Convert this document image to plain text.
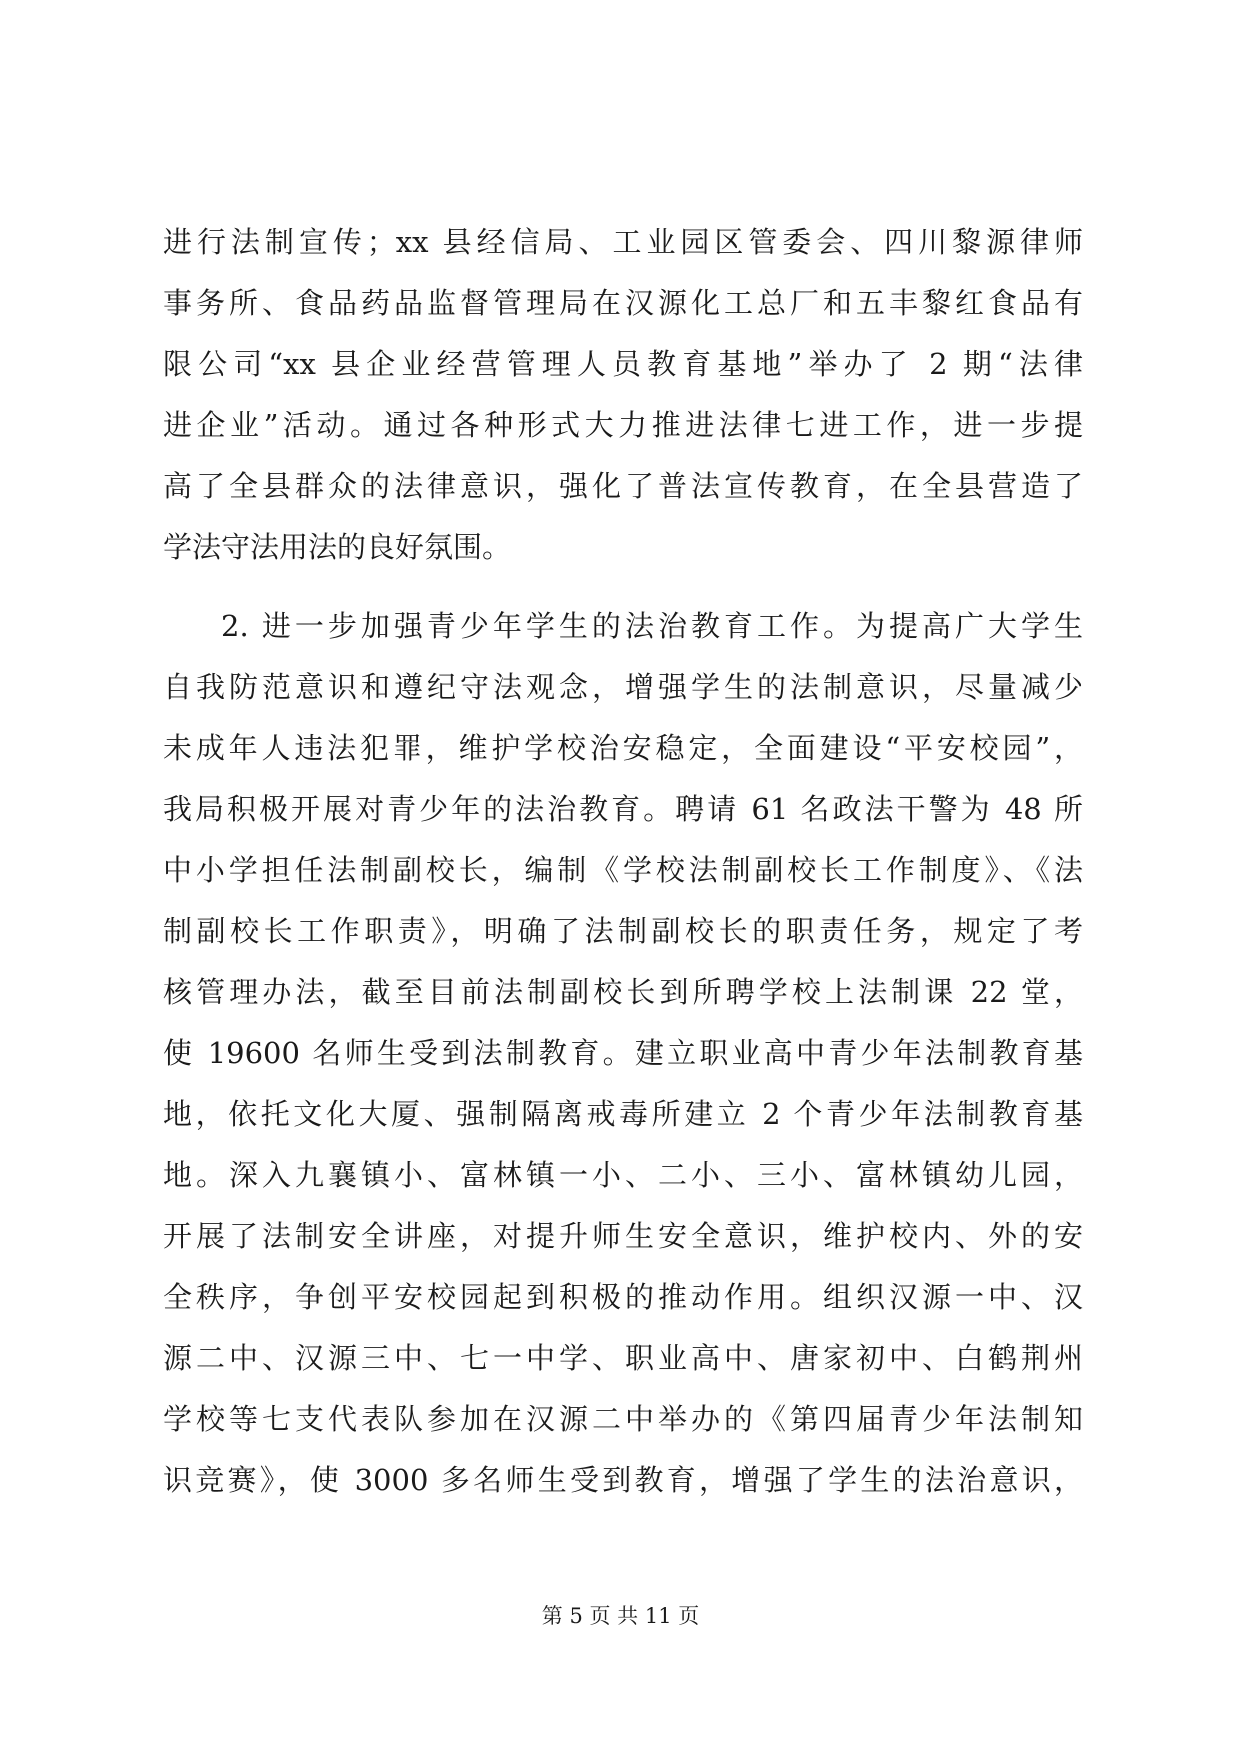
进行法制宣传；xx 县经信局、工业园区管委会、四川黎源律师
事务所、食品药品监督管理局在汉源化工总厂和五丰黎红食品有
限公司“xx 县企业经营管理人员教育基地”举办了 2 期“法律
进企业”活动。通过各种形式大力推进法律七进工作，进一步提
高了全县群众的法律意识，强化了普法宣传教育，在全县营造了
学法守法用法的良好氛围。
2. 进一步加强青少年学生的法治教育工作。为提高广大学生
自我防范意识和遵纪守法观念，增强学生的法制意识，尽量减少
未成年人违法犯罪，维护学校治安稳定，全面建设“平安校园”，
我局积极开展对青少年的法治教育。聘请 61 名政法干警为 48 所
中小学担任法制副校长，编制《学校法制副校长工作制度》、《法
制副校长工作职责》，明确了法制副校长的职责任务，规定了考
核管理办法，截至目前法制副校长到所聘学校上法制课 22 堂，
使 19600 名师生受到法制教育。建立职业高中青少年法制教育基
地，依托文化大厦、强制隔离戒毒所建立 2 个青少年法制教育基
地。深入九襄镇小、富林镇一小、二小、三小、富林镇幼儿园，
开展了法制安全讲座，对提升师生安全意识，维护校内、外的安
全秩序，争创平安校园起到积极的推动作用。组织汉源一中、汉
源二中、汉源三中、七一中学、职业高中、唐家初中、白鹤荆州
学校等七支代表队参加在汉源二中举办的《第四届青少年法制知
识竞赛》，使 3000 多名师生受到教育，增强了学生的法治意识，
第 5 页 共 11 页
